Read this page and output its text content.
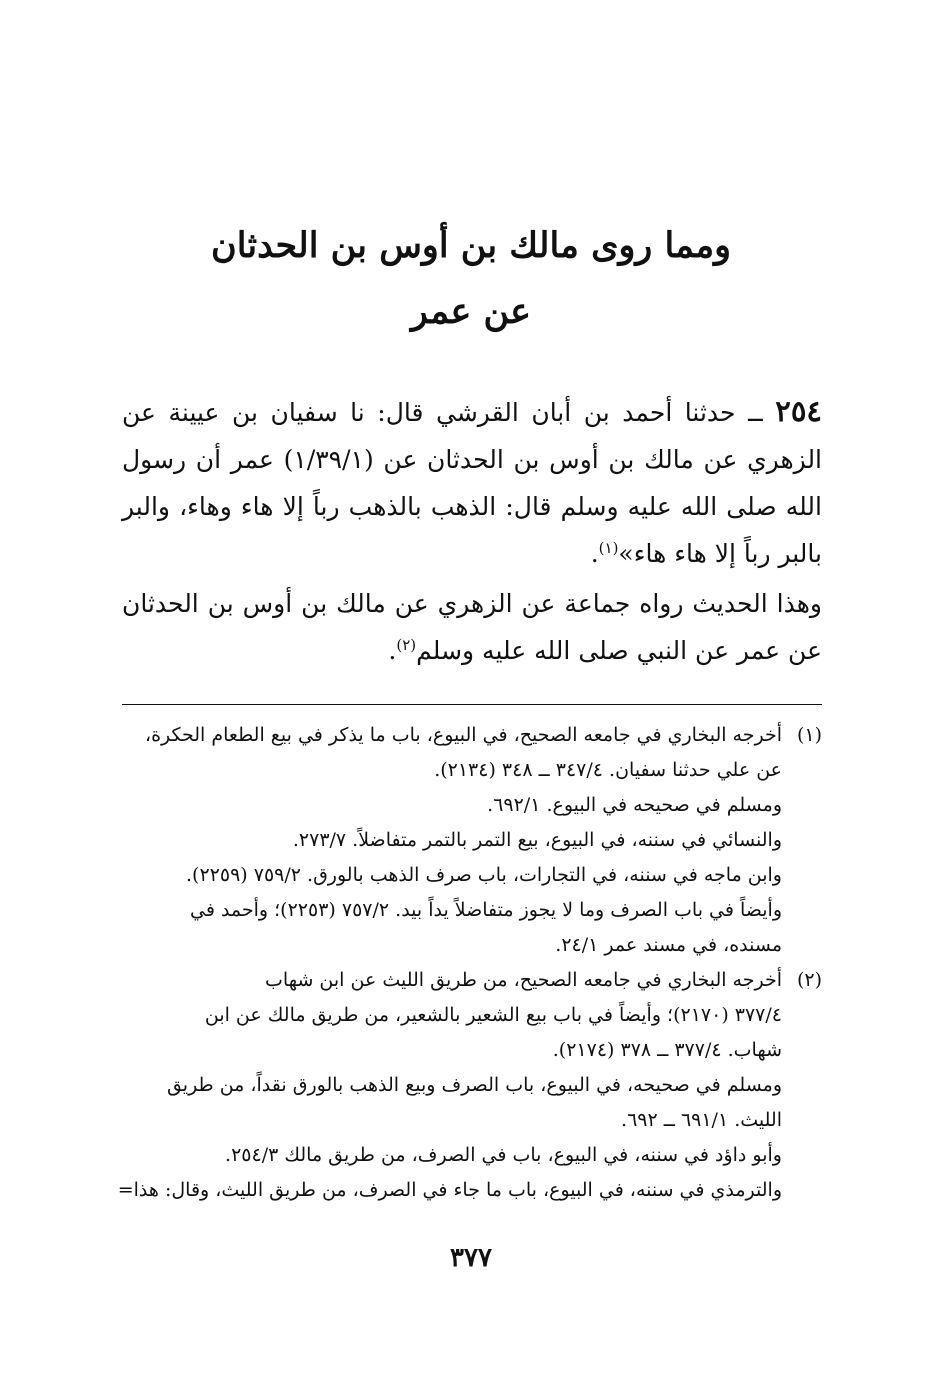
ومما روى مالك بن أوس بن الحدثان
عن عمر
٢٥٤ ــ حدثنا أحمد بن أبان القرشي قال: نا سفيان بن عيينة عن الزهري عن مالك بن أوس بن الحدثان عن (١/٣٩/١) عمر أن رسول الله صلى الله عليه وسلم قال: الذهب بالذهب رباً إلا هاء وهاء، والبر بالبر رباً إلا هاء هاء»$^{(١)}$.
وهذا الحديث رواه جماعة عن الزهري عن مالك بن أوس بن الحدثان عن عمر عن النبي صلى الله عليه وسلم$^{(٢)}$.
(١)
أخرجه البخاري في جامعه الصحيح، في البيوع، باب ما يذكر في بيع الطعام الحكرة،
عن علي حدثنا سفيان. ٣٤٧/٤ ــ ٣٤٨ (٢١٣٤).
ومسلم في صحيحه في البيوع. ٦٩٢/١.
والنسائي في سننه، في البيوع، بيع التمر بالتمر متفاضلاً. ٢٧٣/٧.
وابن ماجه في سننه، في التجارات، باب صرف الذهب بالورق. ٧٥٩/٢ (٢٢٥٩).
وأيضاً في باب الصرف وما لا يجوز متفاضلاً يداً بيد. ٧٥٧/٢ (٢٢٥٣)؛ وأحمد في
مسنده، في مسند عمر ٢٤/١.
(٢)
أخرجه البخاري في جامعه الصحيح، من طريق الليث عن ابن شهاب
٣٧٧/٤ (٢١٧٠)؛ وأيضاً في باب بيع الشعير بالشعير، من طريق مالك عن ابن
شهاب. ٣٧٧/٤ ــ ٣٧٨ (٢١٧٤).
ومسلم في صحيحه، في البيوع، باب الصرف وبيع الذهب بالورق نقداً، من طريق
الليث. ٦٩١/١ ــ ٦٩٢.
وأبو داؤد في سننه، في البيوع، باب في الصرف، من طريق مالك ٢٥٤/٣.
والترمذي في سننه، في البيوع، باب ما جاء في الصرف، من طريق الليث، وقال: هذا=
٣٧٧
